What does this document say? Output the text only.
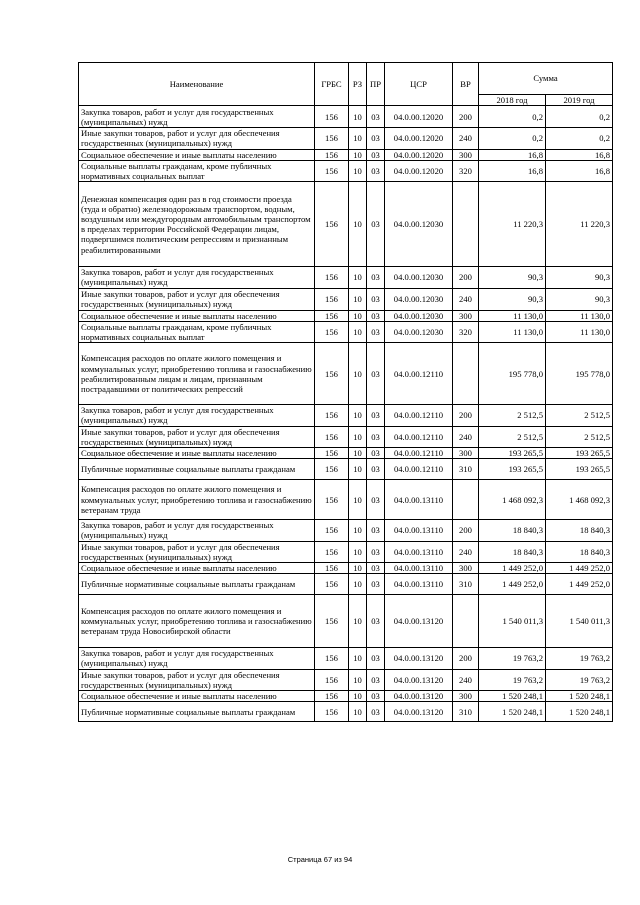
Наименование	ГРБС	РЗ	ПР	ЦСР	ВР	Сумма	
						2018 год	2019 год
Закупка товаров, работ и услуг для государственных (муниципальных) нужд	156	10	03	04.0.00.12020	200	0,2	0,2
Иные закупки товаров, работ и услуг для обеспечения государственных (муниципальных) нужд	156	10	03	04.0.00.12020	240	0,2	0,2
Социальное обеспечение и иные выплаты населению	156	10	03	04.0.00.12020	300	16,8	16,8
Социальные выплаты гражданам, кроме публичных нормативных социальных выплат	156	10	03	04.0.00.12020	320	16,8	16,8
Денежная компенсация один раз в год стоимости проезда (туда и обратно) железнодорожным транспортом, водным, воздушным или междугородным автомобильным транспортом в пределах территории Российской Федерации лицам, подвергшимся политическим репрессиям и признанным реабилитированными	156	10	03	04.0.00.12030		11 220,3	11 220,3
Закупка товаров, работ и услуг для государственных (муниципальных) нужд	156	10	03	04.0.00.12030	200	90,3	90,3
Иные закупки товаров, работ и услуг для обеспечения государственных (муниципальных) нужд	156	10	03	04.0.00.12030	240	90,3	90,3
Социальное обеспечение и иные выплаты населению	156	10	03	04.0.00.12030	300	11 130,0	11 130,0
Социальные выплаты гражданам, кроме публичных нормативных социальных выплат	156	10	03	04.0.00.12030	320	11 130,0	11 130,0
Компенсация расходов по оплате жилого помещения и коммунальных услуг, приобретению топлива и газоснабжению реабилитированным лицам и лицам, признанным пострадавшими от политических репрессий	156	10	03	04.0.00.12110		195 778,0	195 778,0
Закупка товаров, работ и услуг для государственных (муниципальных) нужд	156	10	03	04.0.00.12110	200	2 512,5	2 512,5
Иные закупки товаров, работ и услуг для обеспечения государственных (муниципальных) нужд	156	10	03	04.0.00.12110	240	2 512,5	2 512,5
Социальное обеспечение и иные выплаты населению	156	10	03	04.0.00.12110	300	193 265,5	193 265,5
Публичные нормативные социальные выплаты гражданам	156	10	03	04.0.00.12110	310	193 265,5	193 265,5
Компенсация расходов по оплате жилого помещения и коммунальных услуг, приобретению топлива и газоснабжению ветеранам труда	156	10	03	04.0.00.13110		1 468 092,3	1 468 092,3
Закупка товаров, работ и услуг для государственных (муниципальных) нужд	156	10	03	04.0.00.13110	200	18 840,3	18 840,3
Иные закупки товаров, работ и услуг для обеспечения государственных (муниципальных) нужд	156	10	03	04.0.00.13110	240	18 840,3	18 840,3
Социальное обеспечение и иные выплаты населению	156	10	03	04.0.00.13110	300	1 449 252,0	1 449 252,0
Публичные нормативные социальные выплаты гражданам	156	10	03	04.0.00.13110	310	1 449 252,0	1 449 252,0
Компенсация расходов по оплате жилого помещения и коммунальных услуг, приобретению топлива и газоснабжению ветеранам труда Новосибирской области	156	10	03	04.0.00.13120		1 540 011,3	1 540 011,3
Закупка товаров, работ и услуг для государственных (муниципальных) нужд	156	10	03	04.0.00.13120	200	19 763,2	19 763,2
Иные закупки товаров, работ и услуг для обеспечения государственных (муниципальных) нужд	156	10	03	04.0.00.13120	240	19 763,2	19 763,2
Социальное обеспечение и иные выплаты населению	156	10	03	04.0.00.13120	300	1 520 248,1	1 520 248,1
Публичные нормативные социальные выплаты гражданам	156	10	03	04.0.00.13120	310	1 520 248,1	1 520 248,1
Страница 67 из 94
